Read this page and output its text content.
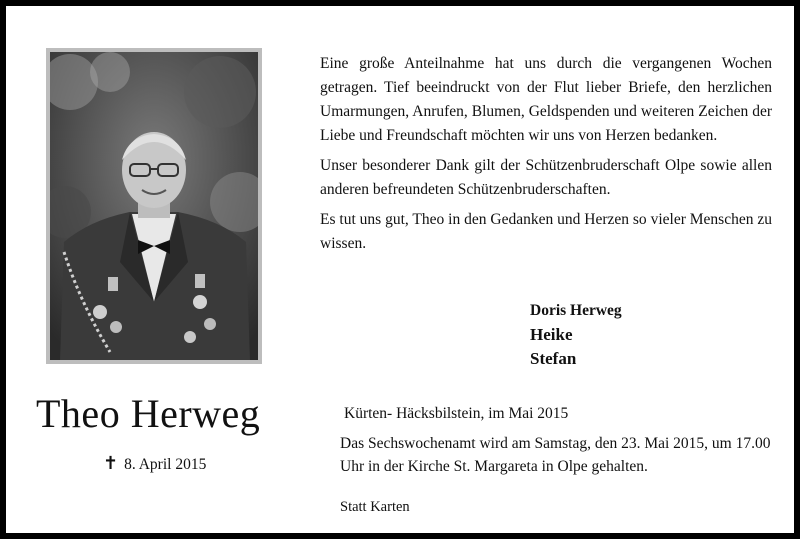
Eine große Anteilnahme hat uns durch die vergangenen Wochen getragen. Tief beeindruckt von der Flut lieber Briefe, den herzlichen Umarmungen, Anrufen, Blumen, Geldspenden und weiteren Zeichen der Liebe und Freundschaft möchten wir uns von Herzen bedanken.

Unser besonderer Dank gilt der Schützenbruderschaft Olpe sowie allen anderen befreundeten Schützenbruderschaften.

Es tut uns gut, Theo in den Gedanken und Herzen so vieler Menschen zu wissen.

Doris Herweg
Heike
Stefan
Theo Herweg
✝ 8. April 2015
Kürten- Häcksbilstein, im Mai 2015
Das Sechswochenamt wird am Samstag, den 23. Mai 2015, um 17.00 Uhr in der Kirche St. Margareta in Olpe gehalten.
Statt Karten
